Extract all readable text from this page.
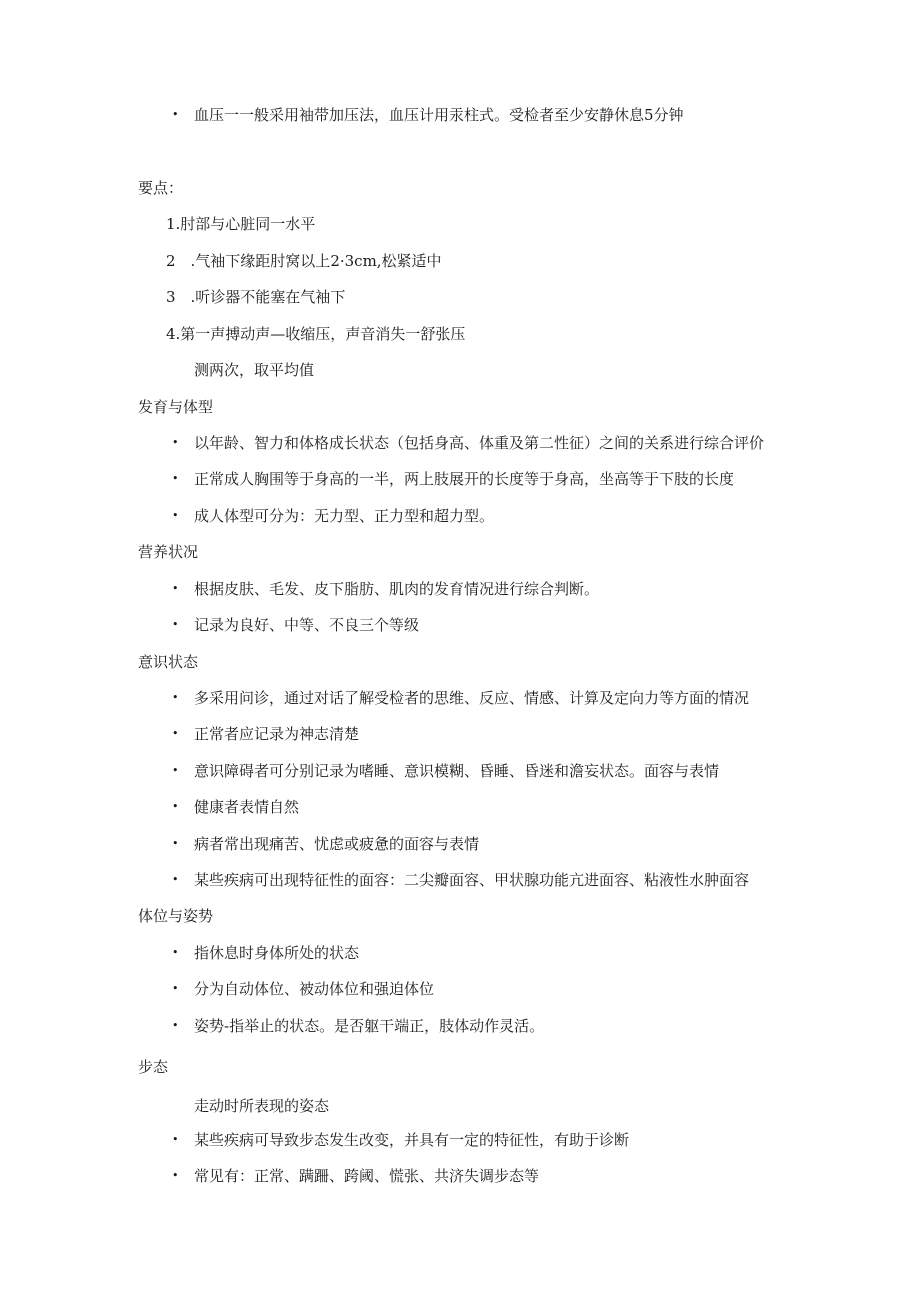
• 血压一一般采用袖带加压法，血压计用汞柱式。受检者至少安静休息5分钟
要点：
1.肘部与心脏同一水平
2　.气袖下缘距肘窝以上2·3cm,松紧适中
3　.听诊器不能塞在气袖下
4.第一声搏动声—收缩压，声音消失一舒张压
测两次，取平均值
发育与体型
• 以年龄、智力和体格成长状态（包括身高、体重及第二性征）之间的关系进行综合评价
• 正常成人胸围等于身高的一半，两上肢展开的长度等于身高，坐高等于下肢的长度
• 成人体型可分为：无力型、正力型和超力型。
营养状况
• 根据皮肤、毛发、皮下脂肪、肌肉的发育情况进行综合判断。
• 记录为良好、中等、不良三个等级
意识状态
• 多采用问诊，通过对话了解受检者的思维、反应、情感、计算及定向力等方面的情况
• 正常者应记录为神志清楚
• 意识障碍者可分别记录为嗜睡、意识模糊、昏睡、昏迷和澹妄状态。面容与表情
• 健康者表情自然
• 病者常出现痛苦、忧虑或疲惫的面容与表情
• 某些疾病可出现特征性的面容：二尖瓣面容、甲状腺功能亢进面容、粘液性水肿面容
体位与姿势
• 指休息时身体所处的状态
• 分为自动体位、被动体位和强迫体位
• 姿势-指举止的状态。是否躯干端正，肢体动作灵活。
步态
走动时所表现的姿态
• 某些疾病可导致步态发生改变，并具有一定的特征性，有助于诊断
• 常见有：正常、蹒跚、跨阈、慌张、共济失调步态等
